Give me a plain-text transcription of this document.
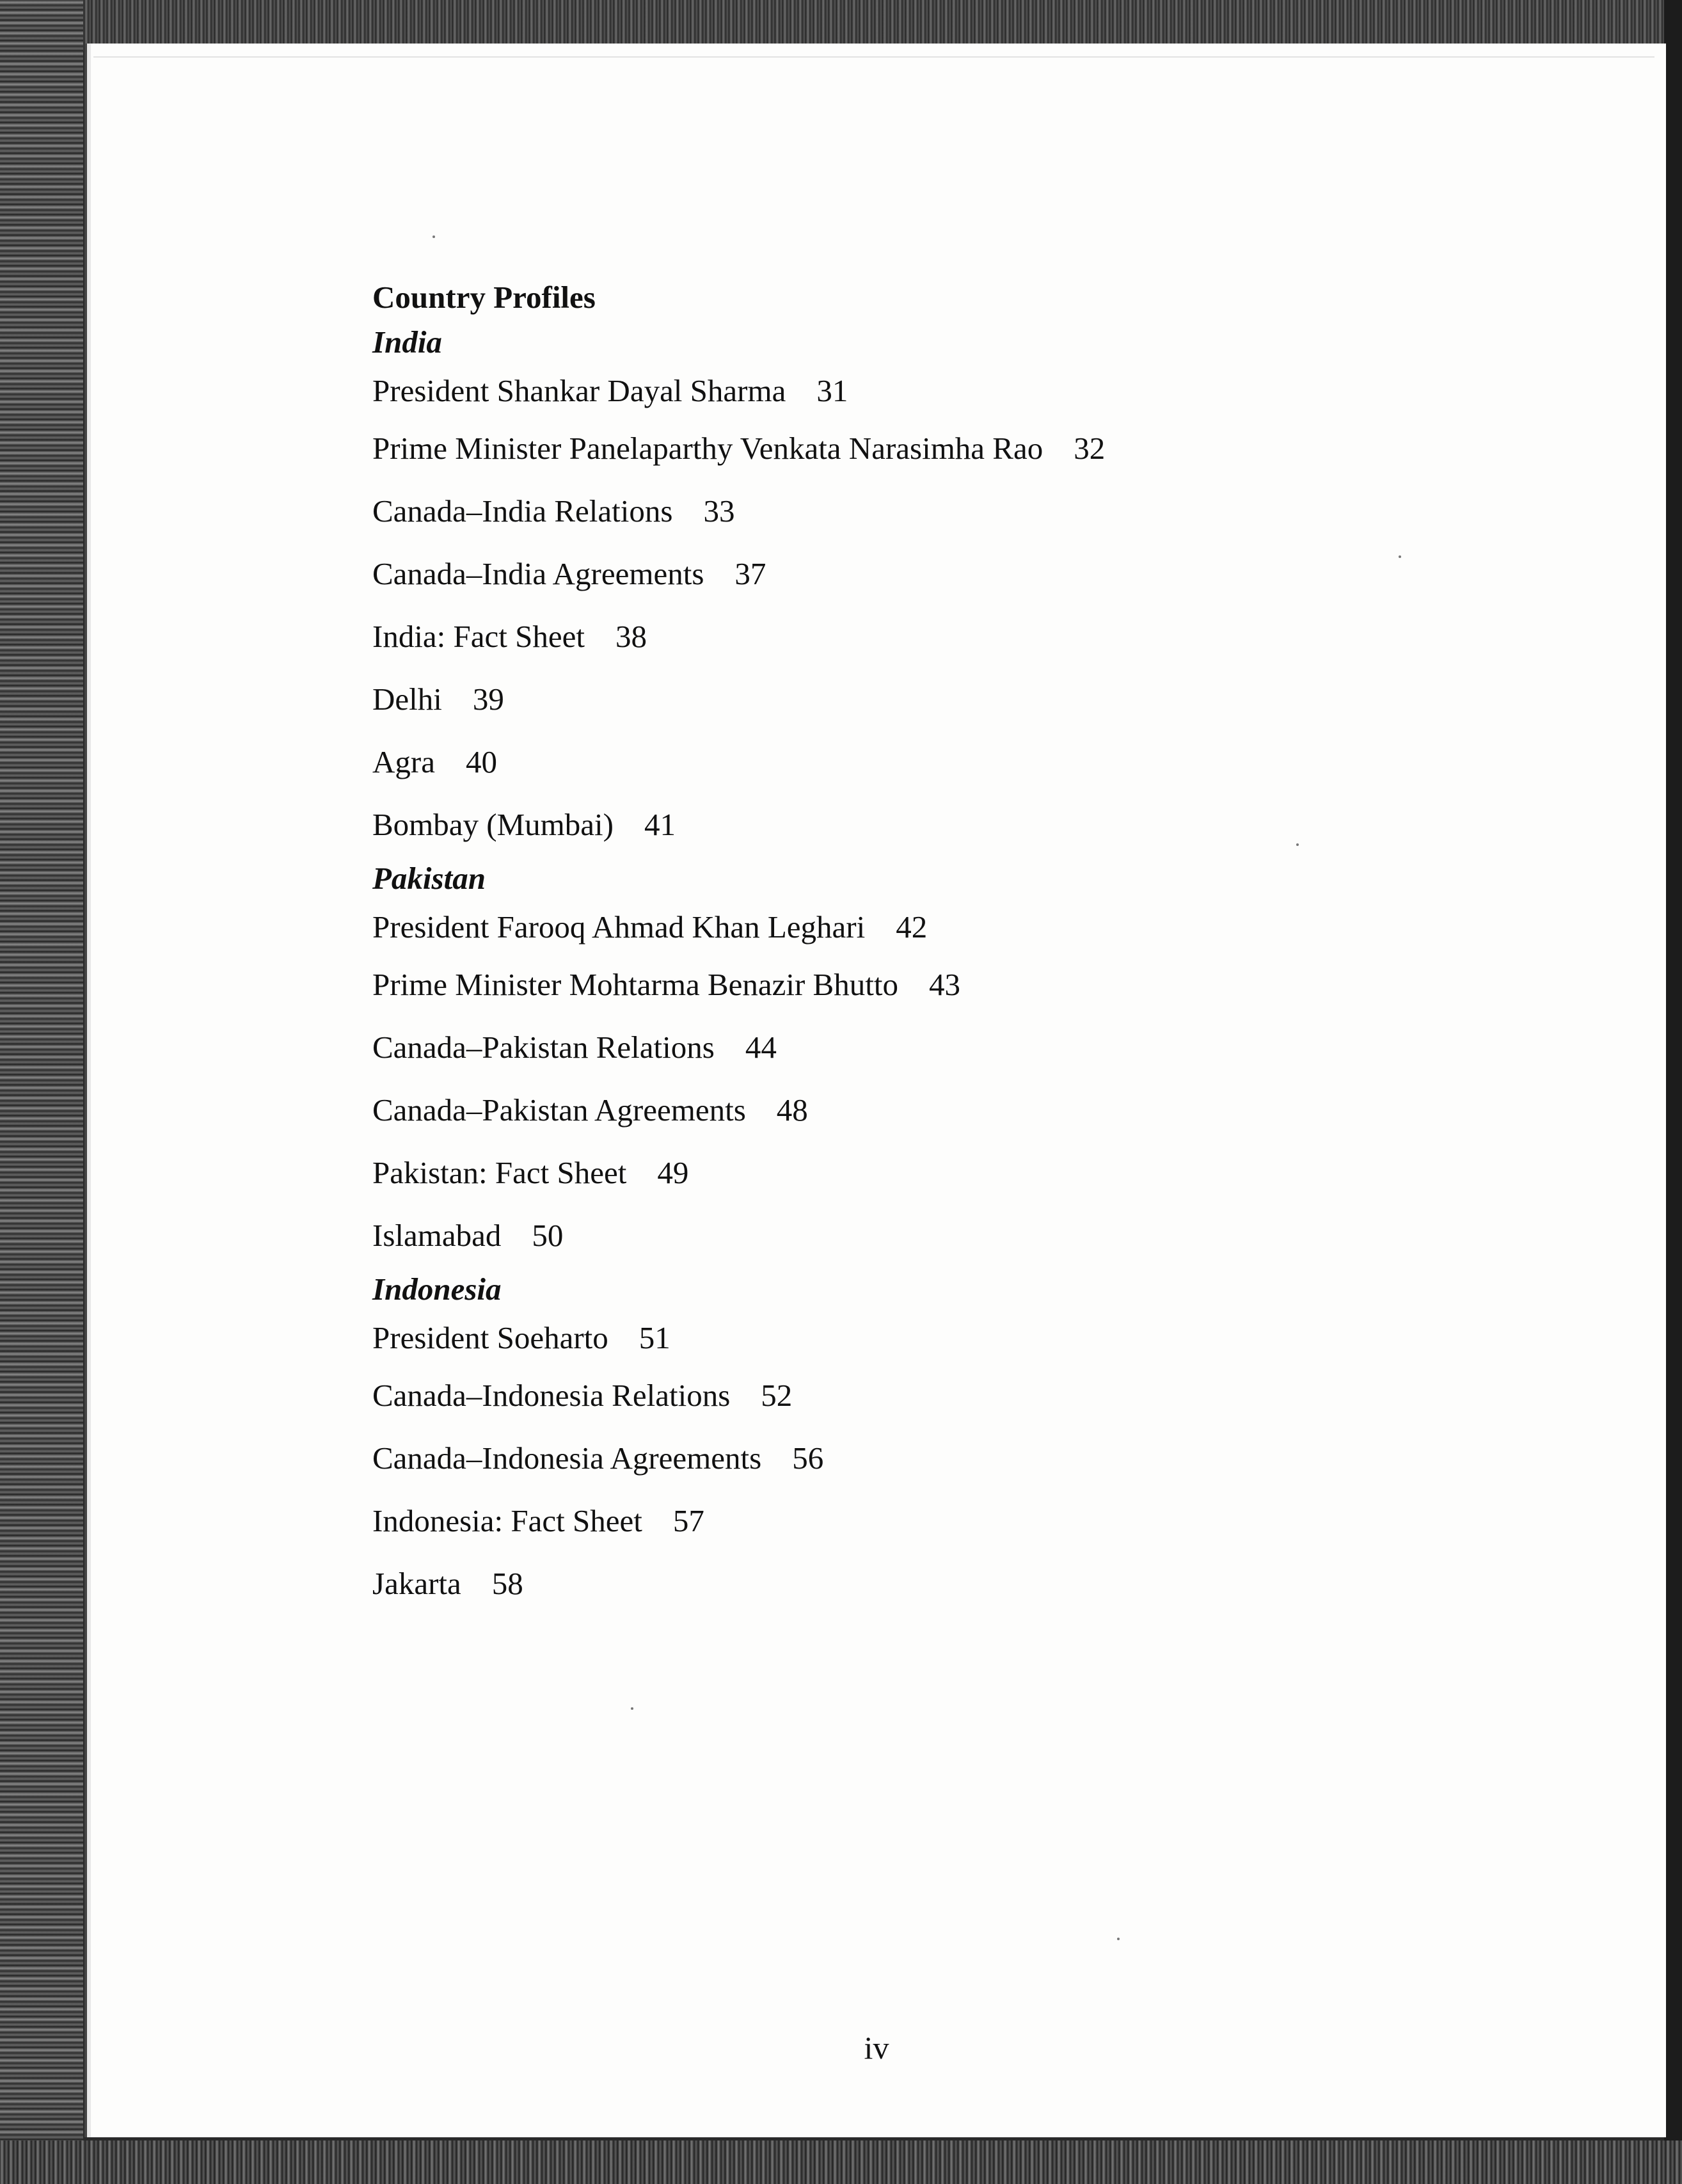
Country Profiles
India
President Shankar Dayal Sharma 31
Prime Minister Panelaparthy Venkata Narasimha Rao 32
Canada–India Relations 33
Canada–India Agreements 37
India: Fact Sheet 38
Delhi 39
Agra 40
Bombay (Mumbai) 41
Pakistan
President Farooq Ahmad Khan Leghari 42
Prime Minister Mohtarma Benazir Bhutto 43
Canada–Pakistan Relations 44
Canada–Pakistan Agreements 48
Pakistan: Fact Sheet 49
Islamabad 50
Indonesia
President Soeharto 51
Canada–Indonesia Relations 52
Canada–Indonesia Agreements 56
Indonesia: Fact Sheet 57
Jakarta 58
iv
